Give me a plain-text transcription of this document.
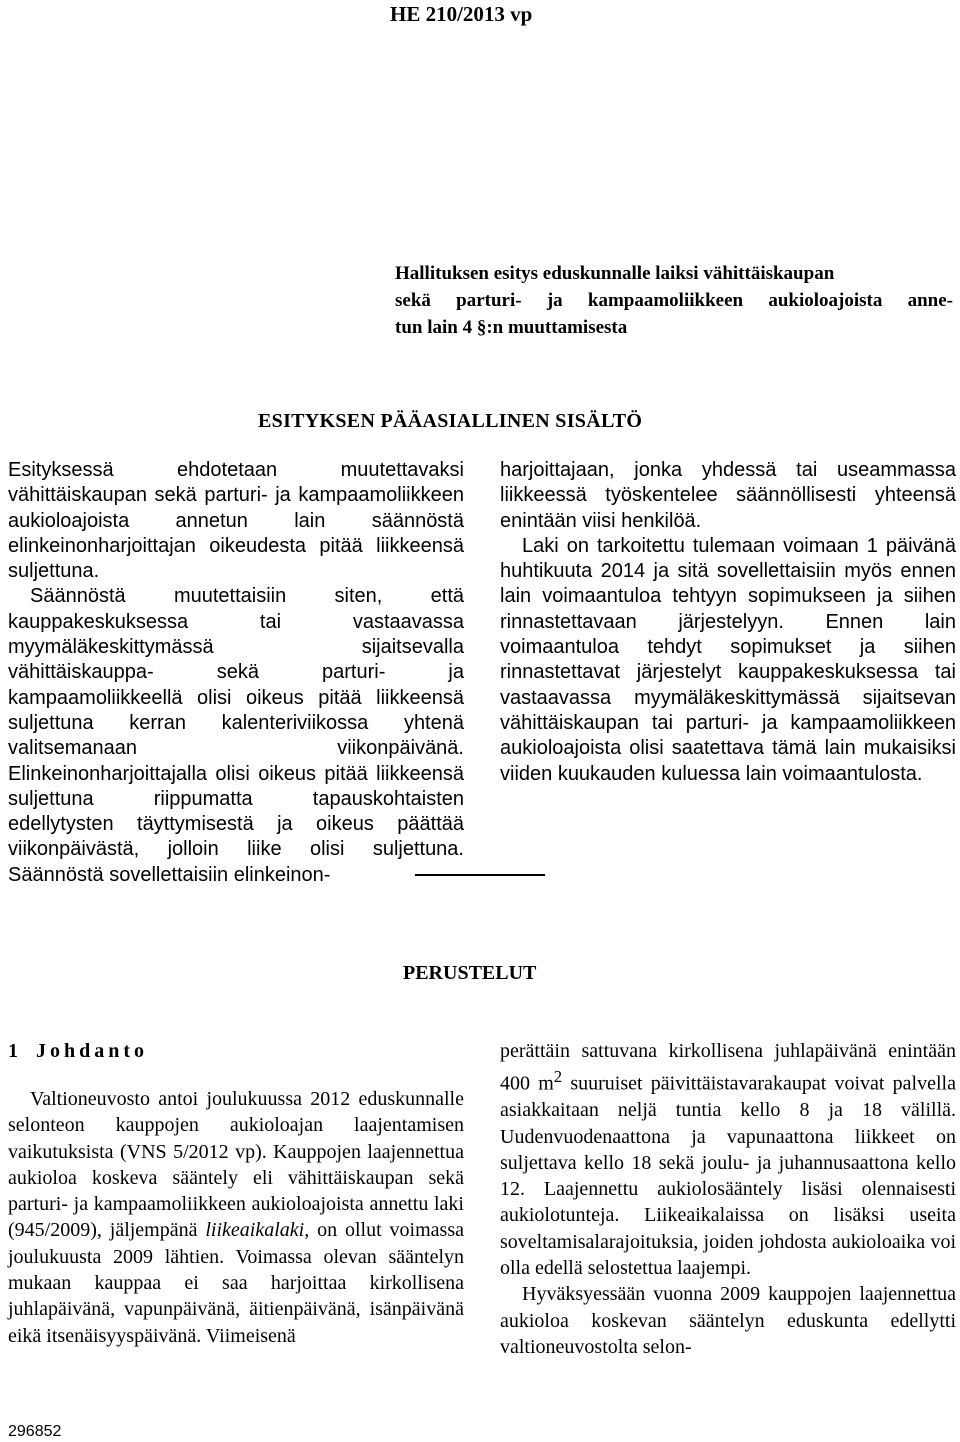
HE 210/2013 vp
Hallituksen esitys eduskunnalle laiksi vähittäiskaupan
sekä parturi- ja kampaamoliikkeen aukioloajoista anne-
tun lain 4 §:n muuttamisesta
ESITYKSEN PÄÄASIALLINEN SISÄLTÖ

Esityksessä ehdotetaan muutettavaksi vähittäiskaupan sekä parturi- ja kampaamoliikkeen aukioloajoista annetun lain säännöstä elinkeinonharjoittajan oikeudesta pitää liikkeensä suljettuna.

Säännöstä muutettaisiin siten, että kauppakeskuksessa tai vastaavassa myymäläkeskittymässä sijaitsevalla vähittäiskauppa- sekä parturi- ja kampaamoliikkeellä olisi oikeus pitää liikkeensä suljettuna kerran kalenteriviikossa yhtenä valitsemanaan viikonpäivänä. Elinkeinonharjoittajalla olisi oikeus pitää liikkeensä suljettuna riippumatta tapauskohtaisten edellytysten täyttymisestä ja oikeus päättää viikonpäivästä, jolloin liike olisi suljettuna. Säännöstä sovellettaisiin elinkeinon-

harjoittajaan, jonka yhdessä tai useammassa liikkeessä työskentelee säännöllisesti yhteensä enintään viisi henkilöä.

Laki on tarkoitettu tulemaan voimaan 1 päivänä huhtikuuta 2014 ja sitä sovellettaisiin myös ennen lain voimaantuloa tehtyyn sopimukseen ja siihen rinnastettavaan järjestelyyn. Ennen lain voimaantuloa tehdyt sopimukset ja siihen rinnastettavat järjestelyt kauppakeskuksessa tai vastaavassa myymäläkeskittymässä sijaitsevan vähittäiskaupan tai parturi- ja kampaamoliikkeen aukioloajoista olisi saatettava tämä lain mukaisiksi viiden kuukauden kuluessa lain voimaantulosta.

PERUSTELUT
1 Johdanto

Valtioneuvosto antoi joulukuussa 2012 eduskunnalle selonteon kauppojen aukioloajan laajentamisen vaikutuksista (VNS 5/2012 vp). Kauppojen laajennettua aukioloa koskeva sääntely eli vähittäiskaupan sekä parturi- ja kampaamoliikkeen aukioloajoista annettu laki (945/2009), jäljempänä liikeaikalaki, on ollut voimassa joulukuusta 2009 lähtien. Voimassa olevan sääntelyn mukaan kauppaa ei saa harjoittaa kirkollisena juhlapäivänä, vapunpäivänä, äitienpäivänä, isänpäivänä eikä itsenäisyyspäivänä. Viimeisenä

perättäin sattuvana kirkollisena juhlapäivänä enintään 400 $m^2$ suuruiset päivittäistavarakaupat voivat palvella asiakkaitaan neljä tuntia kello 8 ja 18 välillä. Uudenvuodenaattona ja vapunaattona liikkeet on suljettava kello 18 sekä joulu- ja juhannusaattona kello 12. Laajennettu aukiolosääntely lisäsi olennaisesti aukiolotunteja. Liikeaikalaissa on lisäksi useita soveltamisalarajoituksia, joiden johdosta aukioloaika voi olla edellä selostettua laajempi.

Hyväksyessään vuonna 2009 kauppojen laajennettua aukioloa koskevan sääntelyn eduskunta edellytti valtioneuvostolta selon-

296852
